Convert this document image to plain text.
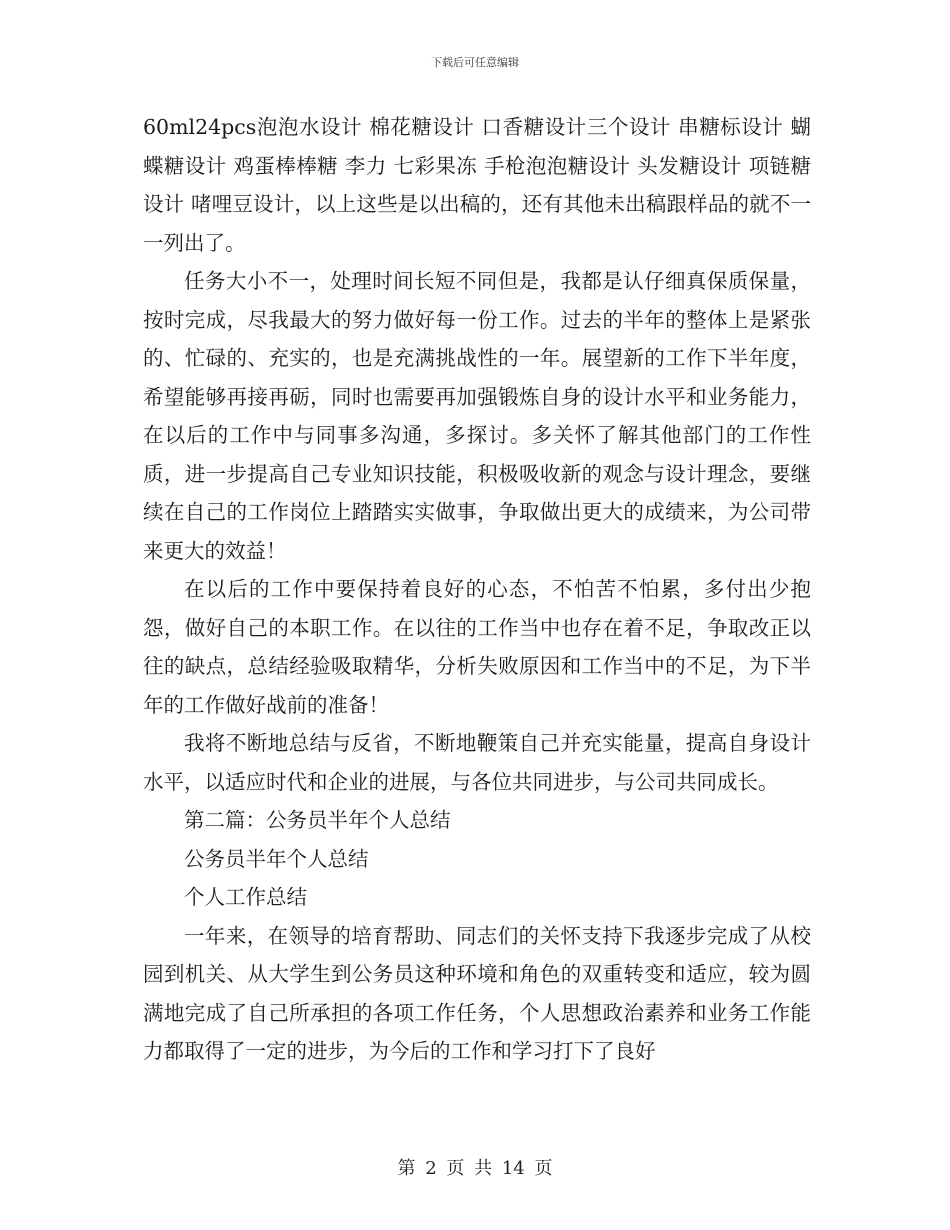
下载后可任意编辑

60ml24pcs泡泡水设计 棉花糖设计 口香糖设计三个设计 串糖标设计 蝴蝶糖设计 鸡蛋棒棒糖 李力 七彩果冻 手枪泡泡糖设计 头发糖设计 项链糖设计 啫哩豆设计，以上这些是以出稿的，还有其他未出稿跟样品的就不一一列出了。

任务大小不一，处理时间长短不同但是，我都是认仔细真保质保量，按时完成，尽我最大的努力做好每一份工作。过去的半年的整体上是紧张的、忙碌的、充实的，也是充满挑战性的一年。展望新的工作下半年度，希望能够再接再砺，同时也需要再加强锻炼自身的设计水平和业务能力，在以后的工作中与同事多沟通，多探讨。多关怀了解其他部门的工作性质，进一步提高自己专业知识技能，积极吸收新的观念与设计理念，要继续在自己的工作岗位上踏踏实实做事，争取做出更大的成绩来，为公司带来更大的效益！

在以后的工作中要保持着良好的心态，不怕苦不怕累，多付出少抱怨，做好自己的本职工作。在以往的工作当中也存在着不足，争取改正以往的缺点，总结经验吸取精华，分析失败原因和工作当中的不足，为下半年的工作做好战前的准备！

我将不断地总结与反省，不断地鞭策自己并充实能量，提高自身设计水平，以适应时代和企业的进展，与各位共同进步，与公司共同成长。

第二篇：公务员半年个人总结

公务员半年个人总结

个人工作总结

一年来，在领导的培育帮助、同志们的关怀支持下我逐步完成了从校园到机关、从大学生到公务员这种环境和角色的双重转变和适应，较为圆满地完成了自己所承担的各项工作任务，个人思想政治素养和业务工作能力都取得了一定的进步，为今后的工作和学习打下了良好

第 2 页 共 14 页
